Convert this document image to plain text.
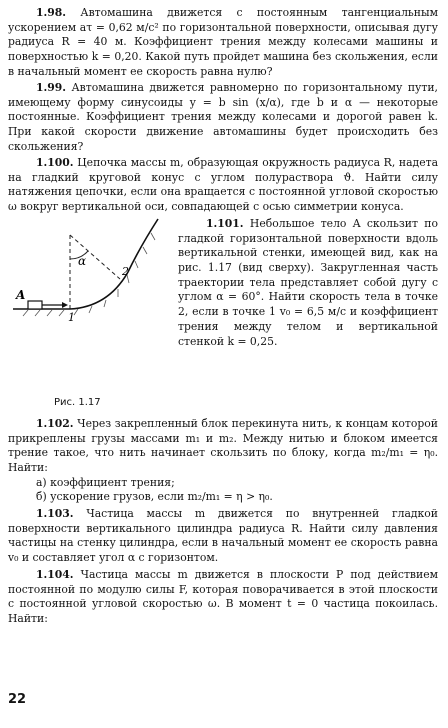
1.98. Автомашина движется с постоянным тангенциальным ускорением aτ = 0,62 м/с² по горизонтальной поверхности, описывая дугу радиуса R = 40 м. Коэффициент трения между колесами машины и поверхностью k = 0,20. Какой путь пройдет машина без скольжения, если в начальный момент ее скорость равна нулю?

1.99. Автомашина движется равномерно по горизонтальному пути, имеющему форму синусоиды y = b sin (x/α), где b и α — некоторые постоянные. Коэффициент трения между колесами и дорогой равен k. При какой скорости движение автомашины будет происходить без скольжения?

1.100. Цепочка массы m, образующая окружность радиуса R, надета на гладкий круговой конус с углом полураствора ϑ. Найти силу натяжения цепочки, если она вращается с постоянной угловой скоростью ω вокруг вертикальной оси, совпадающей с осью симметрии конуса.

A
α
1
2
Рис. 1.17

1.101. Небольшое тело A скользит по гладкой горизонтальной поверхности вдоль вертикальной стенки, имеющей вид, как на рис. 1.17 (вид сверху). Закругленная часть траектории тела представляет собой дугу с углом α = 60°. Найти скорость тела в точке 2, если в точке 1 v₀ = 6,5 м/с и коэффициент трения между телом и вертикальной стенкой k = 0,25.

1.102. Через закрепленный блок перекинута нить, к концам которой прикреплены грузы массами m₁ и m₂. Между нитью и блоком имеется трение такое, что нить начинает скользить по блоку, когда m₂/m₁ = η₀. Найти:

а) коэффициент трения;
б) ускорение грузов, если m₂/m₁ = η > η₀.

1.103. Частица массы m движется по внутренней гладкой поверхности вертикального цилиндра радиуса R. Найти силу давления частицы на стенку цилиндра, если в начальный момент ее скорость равна v₀ и составляет угол α с горизонтом.

1.104. Частица массы m движется в плоскости P под действием постоянной по модулю силы F, которая поворачивается в этой плоскости с постоянной угловой скоростью ω. В момент t = 0 частица покоилась. Найти:

22
